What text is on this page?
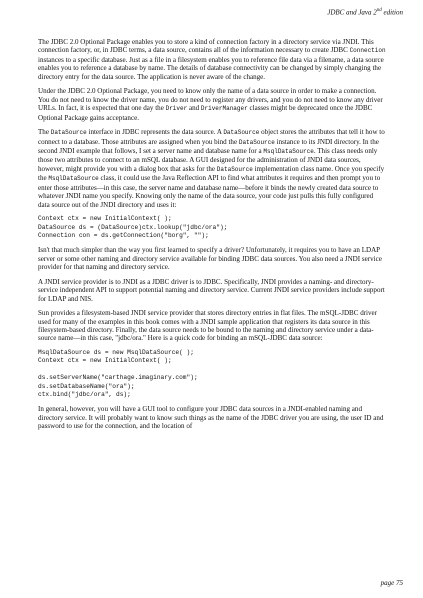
JDBC and Java 2nd edition

The JDBC 2.0 Optional Package enables you to store a kind of connection factory in a directory service via JNDI. This connection factory, or, in JDBC terms, a data source, contains all of the information necessary to create JDBC Connection instances to a specific database. Just as a file in a filesystem enables you to reference file data via a filename, a data source enables you to reference a database by name. The details of database connectivity can be changed by simply changing the directory entry for the data source. The application is never aware of the change.

Under the JDBC 2.0 Optional Package, you need to know only the name of a data source in order to make a connection. You do not need to know the driver name, you do not need to register any drivers, and you do not need to know any driver URLs. In fact, it is expected that one day the Driver and DriverManager classes might be deprecated once the JDBC Optional Package gains acceptance.

The DataSource interface in JDBC represents the data source. A DataSource object stores the attributes that tell it how to connect to a database. Those attributes are assigned when you bind the DataSource instance to its JNDI directory. In the second JNDI example that follows, I set a server name and database name for a MsqlDataSource. This class needs only those two attributes to connect to an mSQL database. A GUI designed for the administration of JNDI data sources, however, might provide you with a dialog box that asks for the DataSource implementation class name. Once you specify the MsqlDataSource class, it could use the Java Reflection API to find what attributes it requires and then prompt you to enter those attributes—in this case, the server name and database name—before it binds the newly created data source to whatever JNDI name you specify. Knowing only the name of the data source, your code just pulls this fully configured data source out of the JNDI directory and uses it:

Context ctx = new InitialContext( );
DataSource ds = (DataSource)ctx.lookup("jdbc/ora");
Connection con = ds.getConnection("borg", "");

Isn't that much simpler than the way you first learned to specify a driver? Unfortunately, it requires you to have an LDAP server or some other naming and directory service available for binding JDBC data sources. You also need a JNDI service provider for that naming and directory service.

A JNDI service provider is to JNDI as a JDBC driver is to JDBC. Specifically, JNDI provides a naming- and directory-service independent API to support potential naming and directory service. Current JNDI service providers include support for LDAP and NIS.

Sun provides a filesystem-based JNDI service provider that stores directory entries in flat files. The mSQL-JDBC driver used for many of the examples in this book comes with a JNDI sample application that registers its data source in this filesystem-based directory. Finally, the data source needs to be bound to the naming and directory service under a data-source name—in this case, "jdbc/ora." Here is a quick code for binding an mSQL-JDBC data source:

MsqlDataSource ds = new MsqlDataSource( );
Context ctx = new InitialContext( );

ds.setServerName("carthage.imaginary.com");
ds.setDatabaseName("ora");
ctx.bind("jdbc/ora", ds);

In general, however, you will have a GUI tool to configure your JDBC data sources in a JNDI-enabled naming and directory service. It will probably want to know such things as the name of the JDBC driver you are using, the user ID and password to use for the connection, and the location of

page 75
